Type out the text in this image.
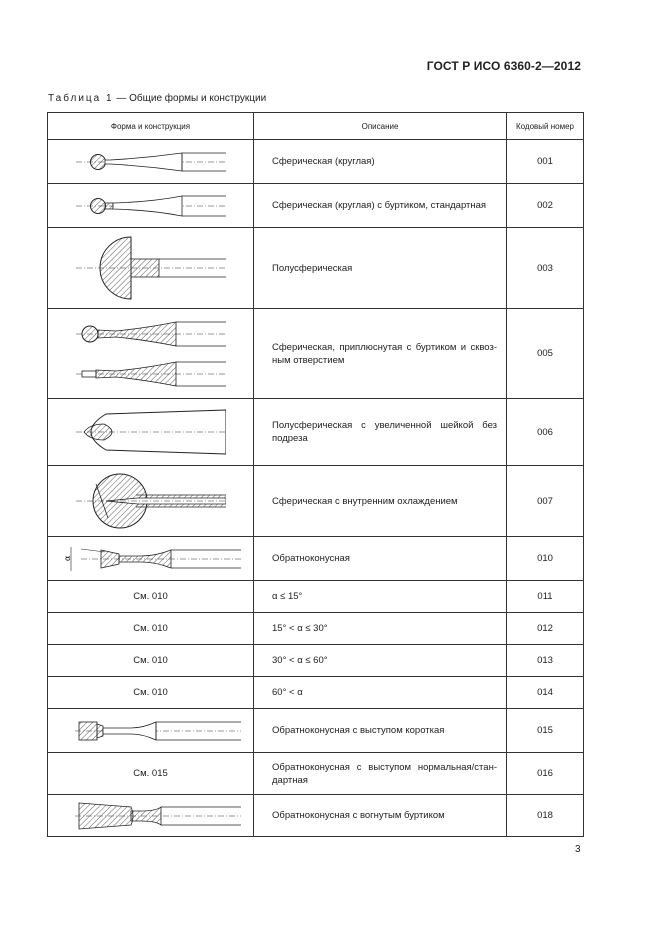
ГОСТ Р ИСО 6360-2—2012
Таблица 1 — Общие формы и конструкции
Форма и конструкция	Описание	Кодовый номер

	Сферическая (круглая)	001

	Сферическая (круглая) с буртиком, стандартная	002

	Полусферическая	003

	Сферическая, приплюснутая с буртиком и сквоз-ным отверстием	005

	Полусферическая с увеличенной шейкой без подреза	006

	Сферическая с внутренним охлаждением	007

α	Обратноконусная	010
См. 010	α ≤ 15°	011
См. 010	15° < α ≤ 30°	012
См. 010	30° < α ≤ 60°	013
См. 010	60° < α	014

	Обратноконусная с выступом короткая	015
См. 015	Обратноконусная с выступом нормальная/стан-дартная	016

	Обратноконусная с вогнутым буртиком	018
3
